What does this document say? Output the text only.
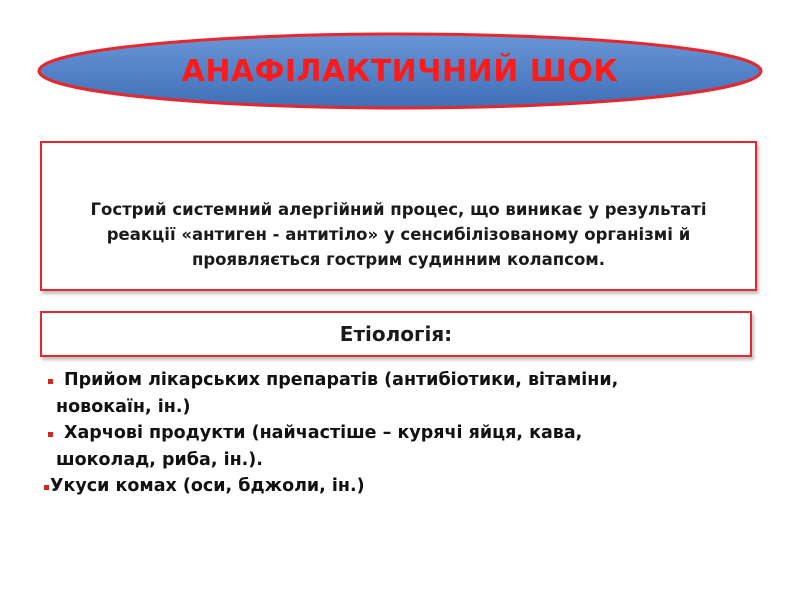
АНАФІЛАКТИЧНИЙ ШОК
Гострий системний алергійний процес, що виникає у результаті реакції «антиген - антитіло» у сенсибілізованому організмі й проявляється гострим судинним колапсом.
Етіологія:
Прийом лікарських препаратів (антибіотики, вітаміни,
новокаїн, ін.)
Харчові продукти (найчастіше – курячі яйця, кава,
шоколад, риба, ін.).
Укуси комах (оси, бджоли, ін.)
